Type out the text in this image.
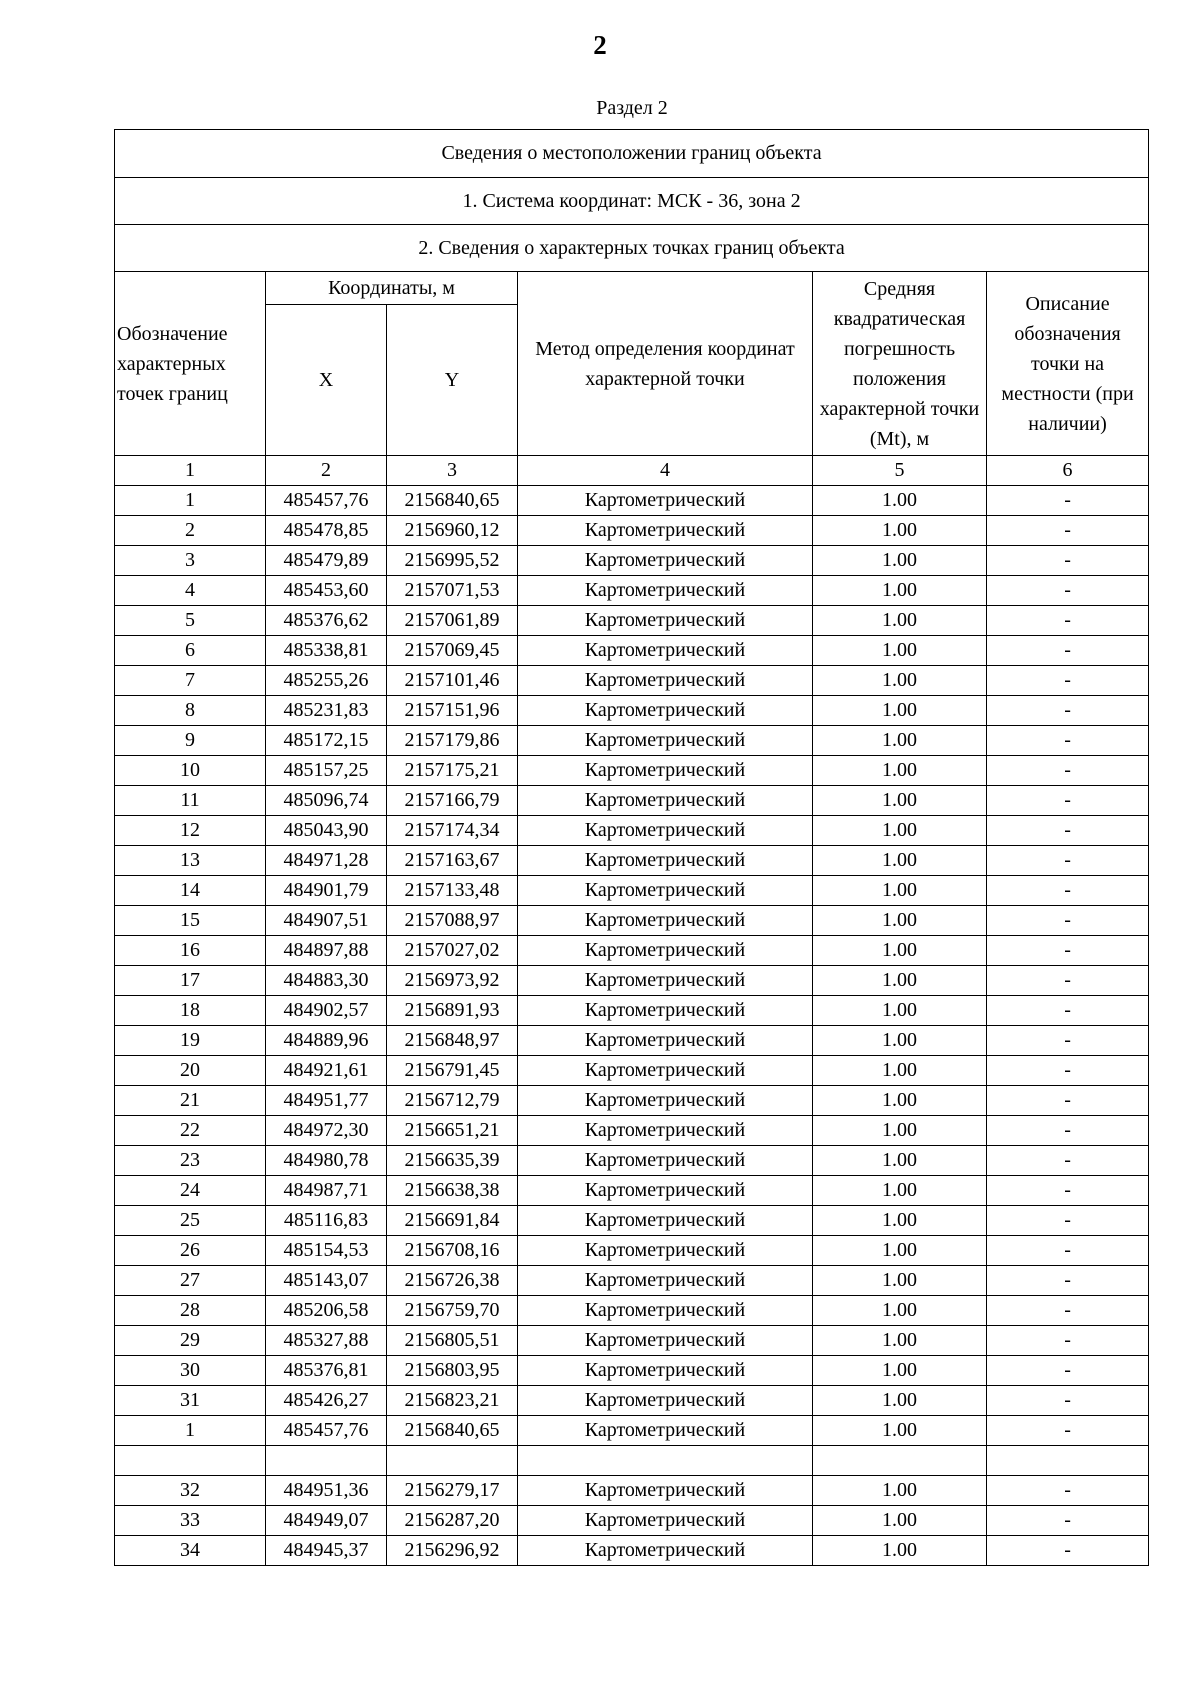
2
Раздел 2
Сведения о местоположении границ объекта					
1. Система координат: МСК - 36, зона 2					
2. Сведения о характерных точках границ объекта					
Обозначение характерных точек границ	Координаты, м		Метод определения координат характерной точки	Средняя квадратическая погрешность положения характерной точки (Mt), м	Описание обозначения точки на местности (при наличии)
	X	Y			
1	2	3	4	5	6
1	485457,76	2156840,65	Картометрический	1.00	-
2	485478,85	2156960,12	Картометрический	1.00	-
3	485479,89	2156995,52	Картометрический	1.00	-
4	485453,60	2157071,53	Картометрический	1.00	-
5	485376,62	2157061,89	Картометрический	1.00	-
6	485338,81	2157069,45	Картометрический	1.00	-
7	485255,26	2157101,46	Картометрический	1.00	-
8	485231,83	2157151,96	Картометрический	1.00	-
9	485172,15	2157179,86	Картометрический	1.00	-
10	485157,25	2157175,21	Картометрический	1.00	-
11	485096,74	2157166,79	Картометрический	1.00	-
12	485043,90	2157174,34	Картометрический	1.00	-
13	484971,28	2157163,67	Картометрический	1.00	-
14	484901,79	2157133,48	Картометрический	1.00	-
15	484907,51	2157088,97	Картометрический	1.00	-
16	484897,88	2157027,02	Картометрический	1.00	-
17	484883,30	2156973,92	Картометрический	1.00	-
18	484902,57	2156891,93	Картометрический	1.00	-
19	484889,96	2156848,97	Картометрический	1.00	-
20	484921,61	2156791,45	Картометрический	1.00	-
21	484951,77	2156712,79	Картометрический	1.00	-
22	484972,30	2156651,21	Картометрический	1.00	-
23	484980,78	2156635,39	Картометрический	1.00	-
24	484987,71	2156638,38	Картометрический	1.00	-
25	485116,83	2156691,84	Картометрический	1.00	-
26	485154,53	2156708,16	Картометрический	1.00	-
27	485143,07	2156726,38	Картометрический	1.00	-
28	485206,58	2156759,70	Картометрический	1.00	-
29	485327,88	2156805,51	Картометрический	1.00	-
30	485376,81	2156803,95	Картометрический	1.00	-
31	485426,27	2156823,21	Картометрический	1.00	-
1	485457,76	2156840,65	Картометрический	1.00	-

32	484951,36	2156279,17	Картометрический	1.00	-
33	484949,07	2156287,20	Картометрический	1.00	-
34	484945,37	2156296,92	Картометрический	1.00	-
